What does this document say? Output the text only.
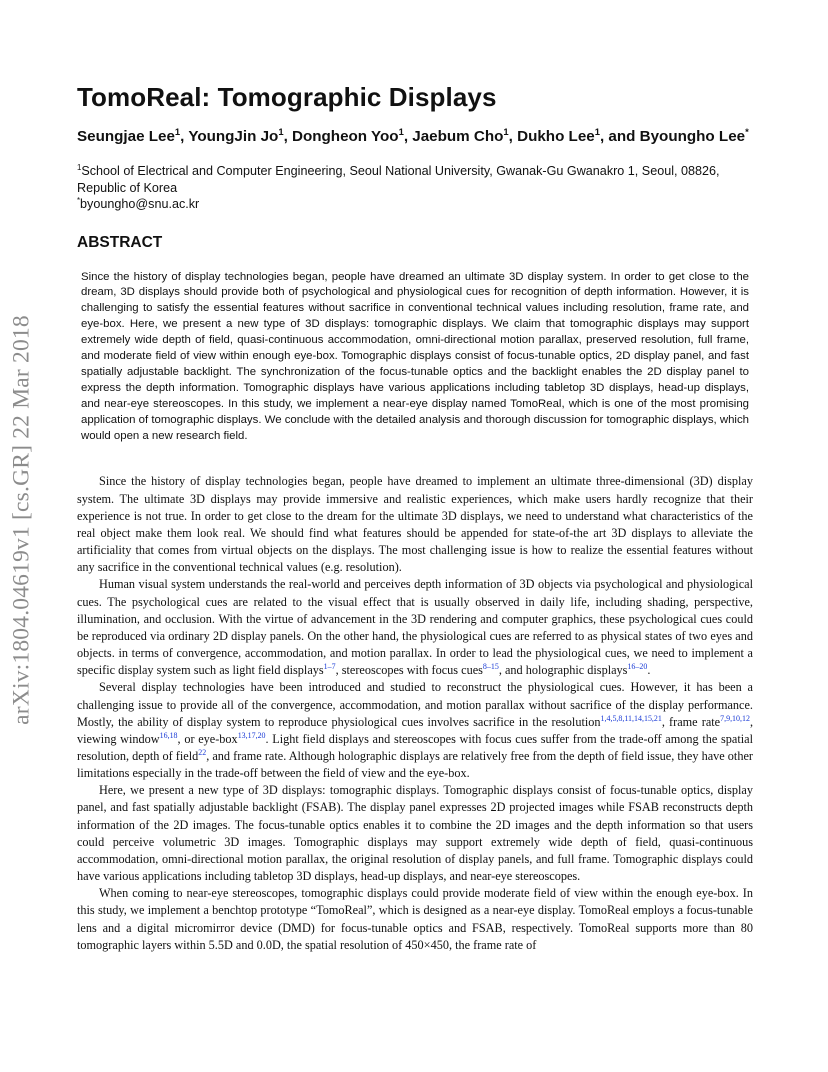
arXiv:1804.04619v1 [cs.GR] 22 Mar 2018
TomoReal: Tomographic Displays
Seungjae Lee$^1$, YoungJin Jo$^1$, Dongheon Yoo$^1$, Jaebum Cho$^1$, Dukho Lee$^1$, and Byoungho Lee*
$^1$School of Electrical and Computer Engineering, Seoul National University, Gwanak-Gu Gwanakro 1, Seoul, 08826, Republic of Korea
*byoungho@snu.ac.kr
ABSTRACT
Since the history of display technologies began, people have dreamed an ultimate 3D display system. In order to get close to the dream, 3D displays should provide both of psychological and physiological cues for recognition of depth information. However, it is challenging to satisfy the essential features without sacrifice in conventional technical values including resolution, frame rate, and eye-box. Here, we present a new type of 3D displays: tomographic displays. We claim that tomographic displays may support extremely wide depth of field, quasi-continuous accommodation, omni-directional motion parallax, preserved resolution, full frame, and moderate field of view within enough eye-box. Tomographic displays consist of focus-tunable optics, 2D display panel, and fast spatially adjustable backlight. The synchronization of the focus-tunable optics and the backlight enables the 2D display panel to express the depth information. Tomographic displays have various applications including tabletop 3D displays, head-up displays, and near-eye stereoscopes. In this study, we implement a near-eye display named TomoReal, which is one of the most promising application of tomographic displays. We conclude with the detailed analysis and thorough discussion for tomographic displays, which would open a new research field.

Since the history of display technologies began, people have dreamed to implement an ultimate three-dimensional (3D) display system. The ultimate 3D displays may provide immersive and realistic experiences, which make users hardly recognize that their experience is not true. In order to get close to the dream for the ultimate 3D displays, we need to understand what characteristics of the real object make them look real. We should find what features should be appended for state-of-the art 3D displays to alleviate the artificiality that comes from virtual objects on the displays. The most challenging issue is how to realize the essential features without any sacrifice in the conventional technical values (e.g. resolution).

Human visual system understands the real-world and perceives depth information of 3D objects via psychological and physiological cues. The psychological cues are related to the visual effect that is usually observed in daily life, including shading, perspective, illumination, and occlusion. With the virtue of advancement in the 3D rendering and computer graphics, these psychological cues could be reproduced via ordinary 2D display panels. On the other hand, the physiological cues are referred to as physical states of two eyes and objects. in terms of convergence, accommodation, and motion parallax. In order to lead the physiological cues, we need to implement a specific display system such as light field displays$^{1-7}$, stereoscopes with focus cues$^{8-15}$, and holographic displays$^{16-20}$.

Several display technologies have been introduced and studied to reconstruct the physiological cues. However, it has been a challenging issue to provide all of the convergence, accommodation, and motion parallax without sacrifice of the display performance. Mostly, the ability of display system to reproduce physiological cues involves sacrifice in the resolution$^{1,4,5,8,11,14,15,21}$, frame rate$^{7,9,10,12}$, viewing window$^{16,18}$, or eye-box$^{13,17,20}$. Light field displays and stereoscopes with focus cues suffer from the trade-off among the spatial resolution, depth of field$^{22}$, and frame rate. Although holographic displays are relatively free from the depth of field issue, they have other limitations especially in the trade-off between the field of view and the eye-box.

Here, we present a new type of 3D displays: tomographic displays. Tomographic displays consist of focus-tunable optics, display panel, and fast spatially adjustable backlight (FSAB). The display panel expresses 2D projected images while FSAB reconstructs depth information of the 2D images. The focus-tunable optics enables it to combine the 2D images and the depth information so that users could perceive volumetric 3D images. Tomographic displays may support extremely wide depth of field, quasi-continuous accommodation, omni-directional motion parallax, the original resolution of display panels, and full frame. Tomographic displays could have various applications including tabletop 3D displays, head-up displays, and near-eye stereoscopes.

When coming to near-eye stereoscopes, tomographic displays could provide moderate field of view within the enough eye-box. In this study, we implement a benchtop prototype “TomoReal”, which is designed as a near-eye display. TomoReal employs a focus-tunable lens and a digital micromirror device (DMD) for focus-tunable optics and FSAB, respectively. TomoReal supports more than 80 tomographic layers within 5.5D and 0.0D, the spatial resolution of 450×450, the frame rate of
